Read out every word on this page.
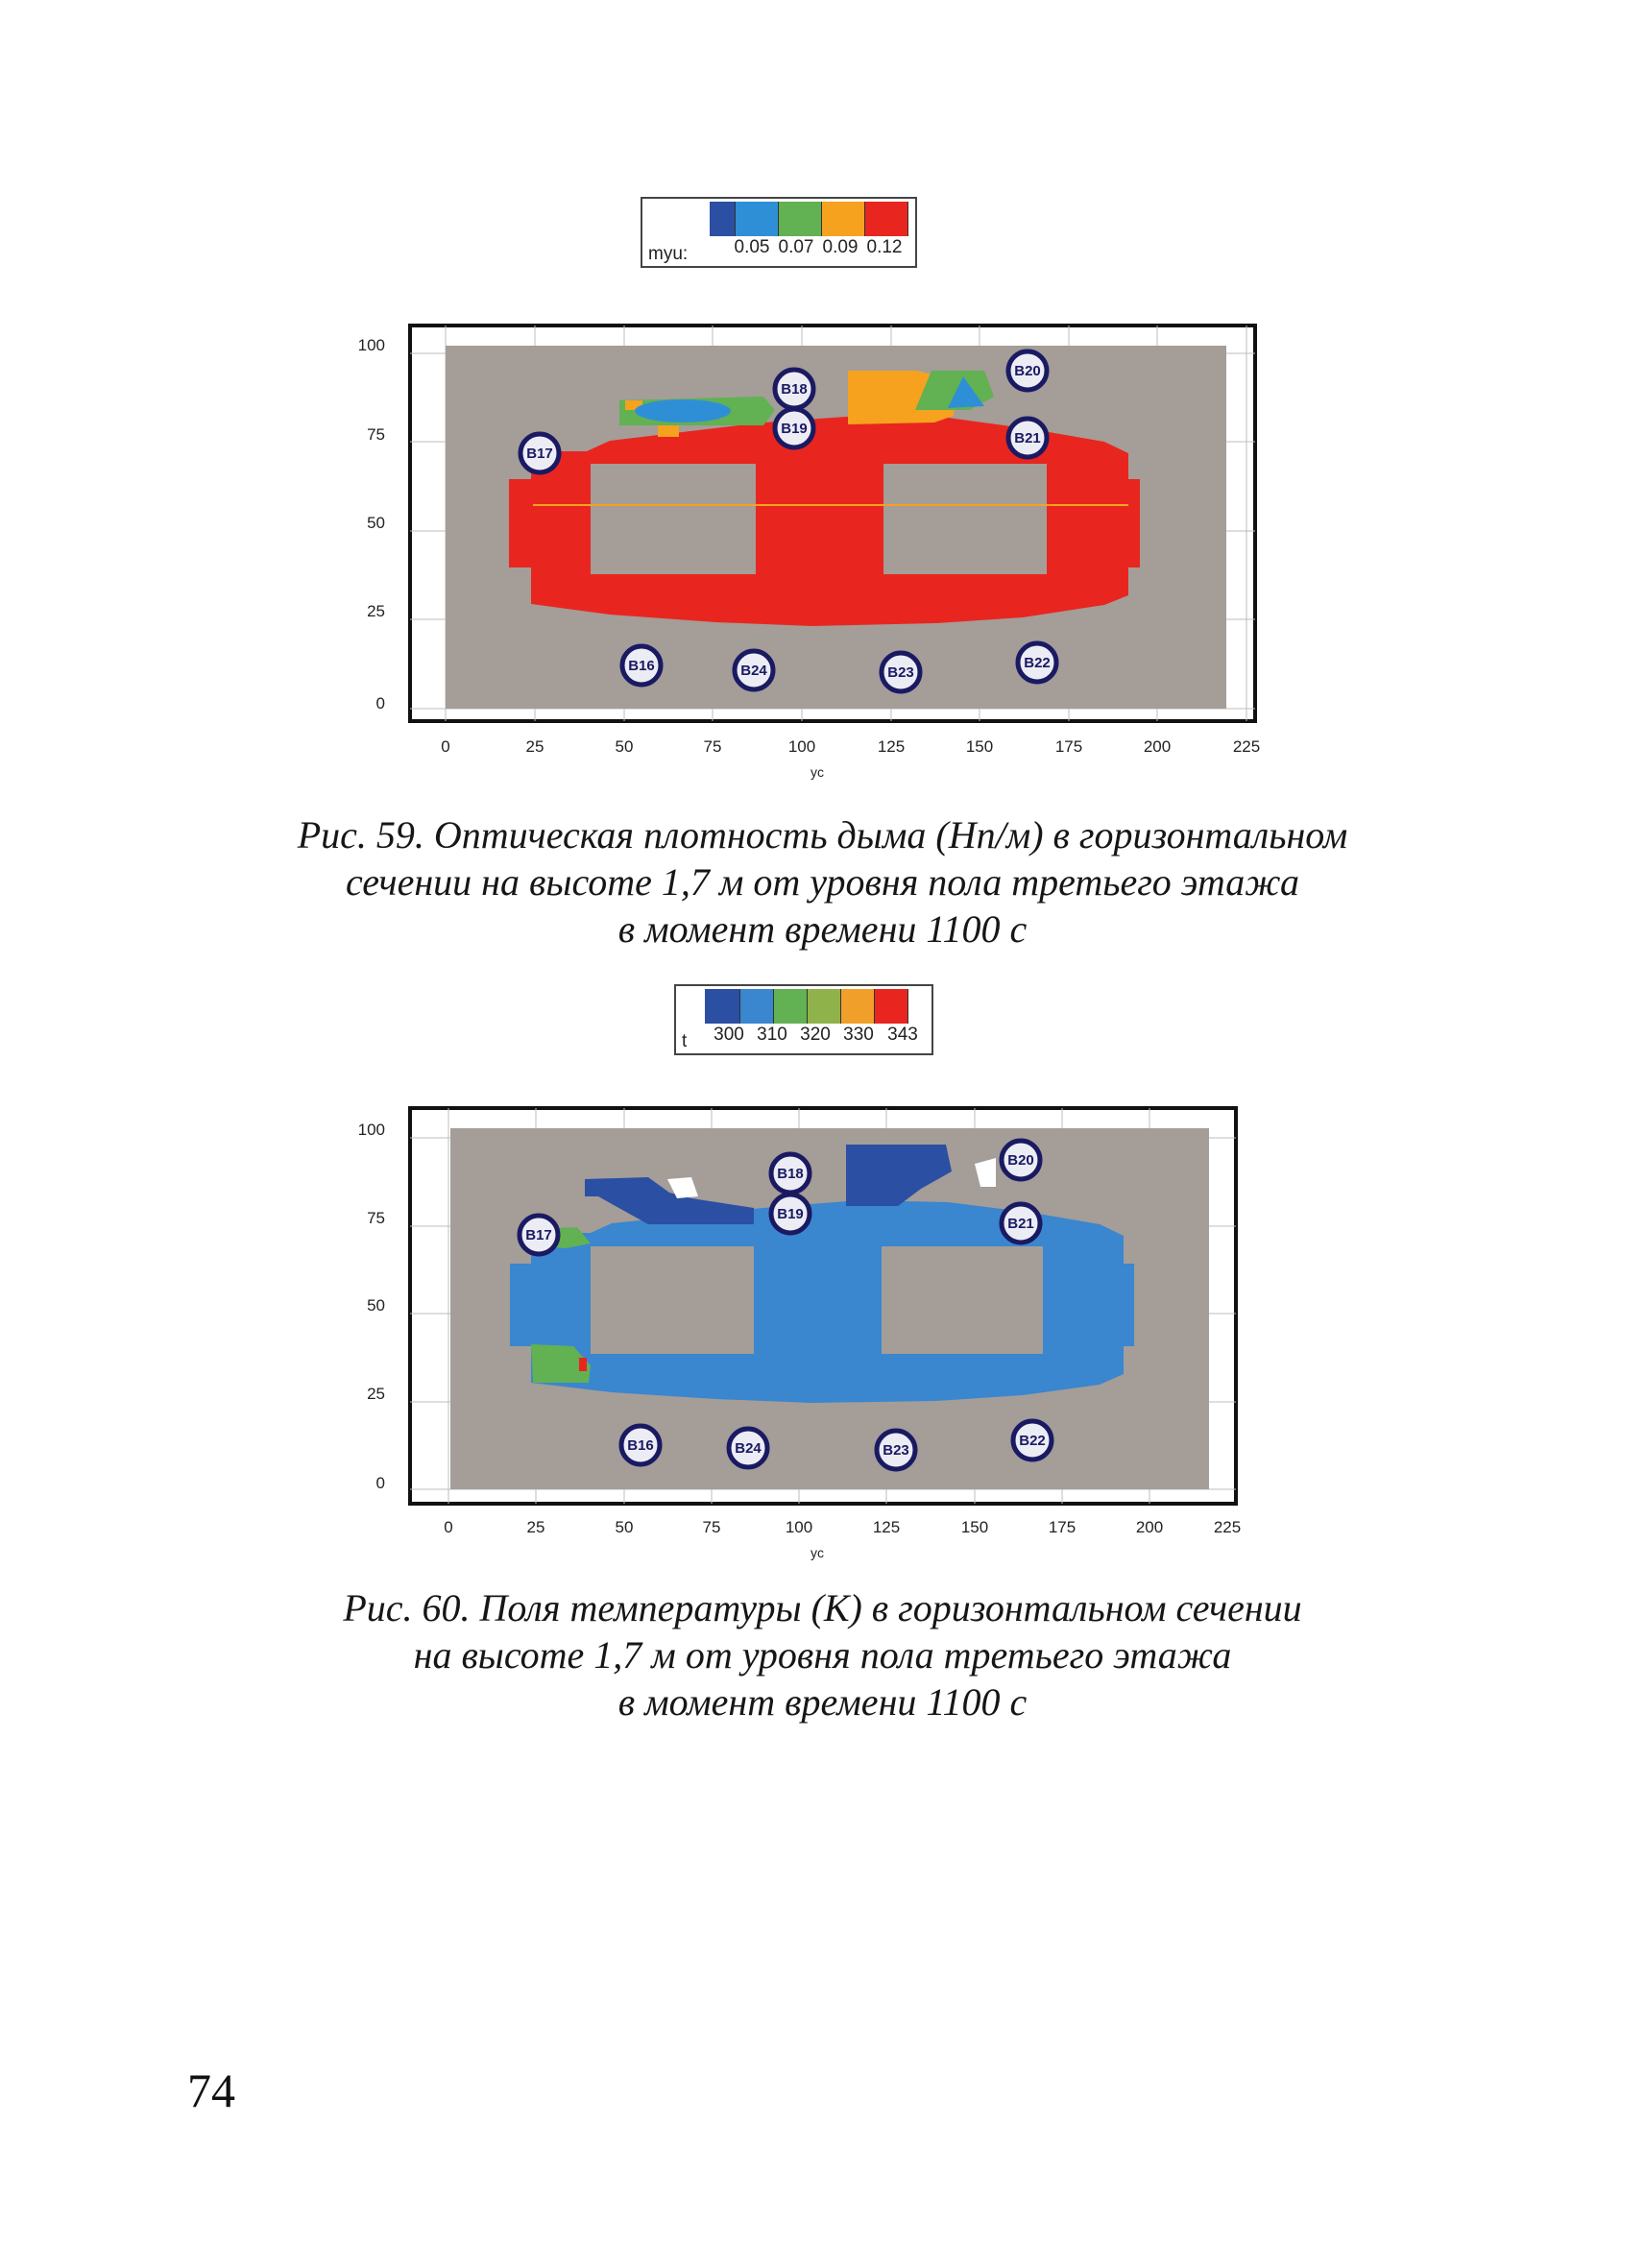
myu:	0.05 0.07 0.09 0.12
100
75
50
25
0
0	25	50	75	100	125	150	175	200	225
yc
B18
B19
B20
B21
B17
B16	B24	B23
B22
Рис. 59. Оптическая плотность дыма (Нп/м) в горизонтальном
сечении на высоте 1,7 м от уровня пола третьего этажа
в момент времени 1100 с
t 300 310 320 330 343
100
75
50
25
0
0	25	50	75	100	125	150	175	200	225
yc
B18
B19
B20
B21
B17
B16	B24	B23
B22
Рис. 60. Поля температуры (К) в горизонтальном сечении
на высоте 1,7 м от уровня пола третьего этажа
в момент времени 1100 с
74
